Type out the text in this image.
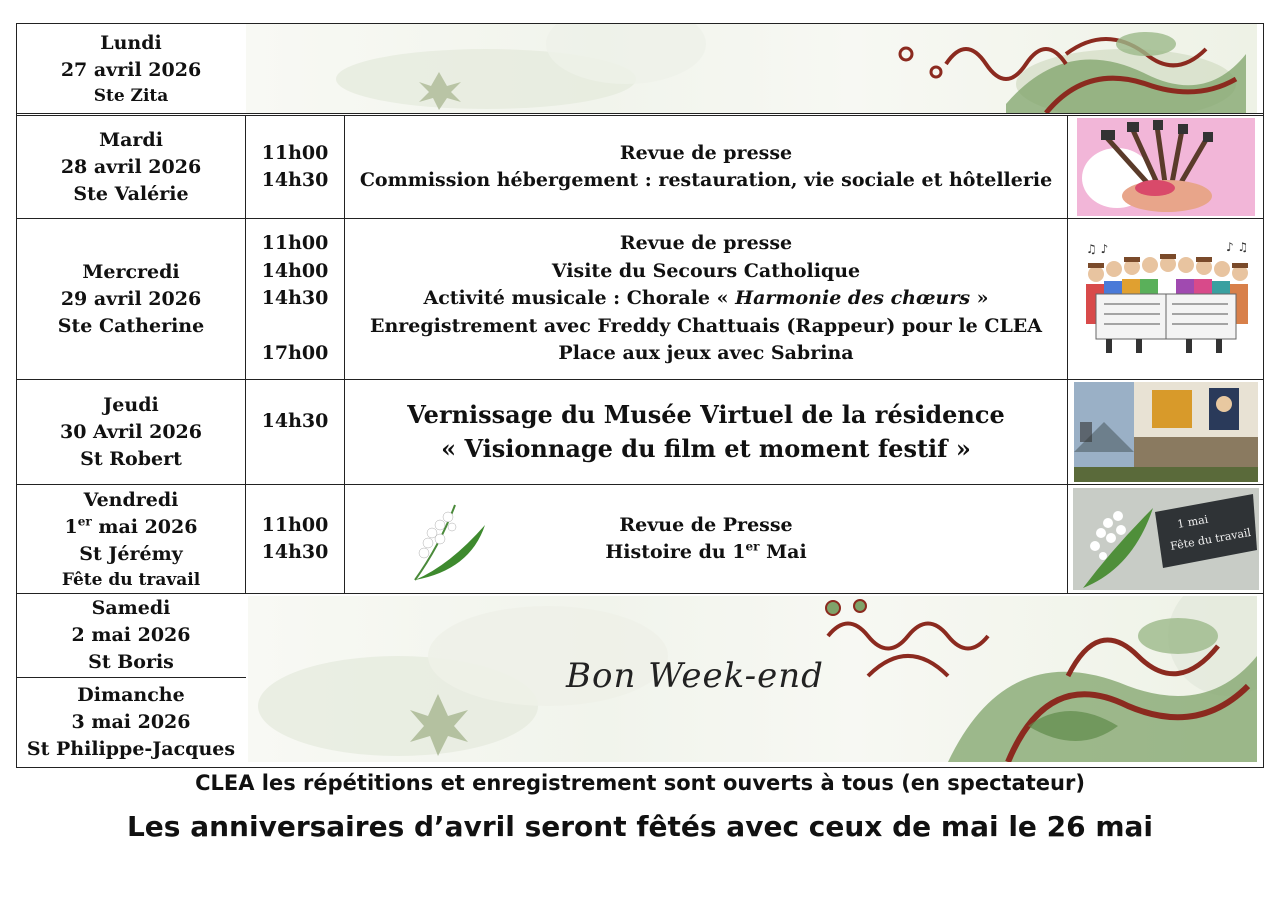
Lundi
27 avril 2026
Ste Zita
Mardi
28 avril 2026
Ste Valérie
11h00
14h30
Revue de presse
Commission hébergement : restauration, vie sociale et hôtellerie
Mercredi
29 avril 2026
Ste Catherine
11h00
14h00
14h30
17h00
Revue de presse
Visite du Secours Catholique
Activité musicale : Chorale « Harmonie des chœurs »
Enregistrement avec Freddy Chattuais (Rappeur) pour le CLEA
Place aux jeux avec Sabrina
♪ ♫
♫ ♪
Jeudi
30 Avril 2026
St Robert
14h30	Vernissage du Musée Virtuel de la résidence
« Visionnage du film et moment festif »
Vendredi
1er mai 2026
St Jérémy
Fête du travail
11h00
14h30
Revue de Presse
Histoire du 1er Mai
1 mai
Fête du travail
Samedi
2 mai 2026
St Boris
Dimanche
3 mai 2026
St Philippe-Jacques
Bon Week-end
CLEA les répétitions et enregistrement sont ouverts à tous (en spectateur)
Les anniversaires d’avril seront fêtés avec ceux de mai le 26 mai
